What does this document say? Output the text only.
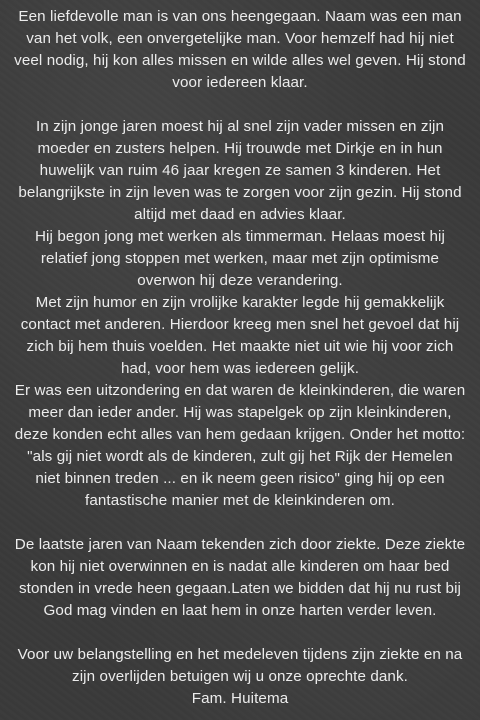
Een liefdevolle man is van ons heengegaan. Naam was een man van het volk, een onvergetelijke man. Voor hemzelf had hij niet veel nodig, hij kon alles missen en wilde alles wel geven. Hij stond voor iedereen klaar.

In zijn jonge jaren moest hij al snel zijn vader missen en zijn moeder en zusters helpen. Hij trouwde met Dirkje en in hun huwelijk van ruim 46 jaar kregen ze samen 3 kinderen. Het belangrijkste in zijn leven was te zorgen voor zijn gezin. Hij stond altijd met daad en advies klaar.

Hij begon jong met werken als timmerman. Helaas moest hij relatief jong stoppen met werken, maar met zijn optimisme overwon hij deze verandering.

Met zijn humor en zijn vrolijke karakter legde hij gemakkelijk contact met anderen. Hierdoor kreeg men snel het gevoel dat hij zich bij hem thuis voelden. Het maakte niet uit wie hij voor zich had, voor hem was iedereen gelijk.

Er was een uitzondering en dat waren de kleinkinderen, die waren meer dan ieder ander. Hij was stapelgek op zijn kleinkinderen, deze konden echt alles van hem gedaan krijgen. Onder het motto: "als gij niet wordt als de kinderen, zult gij het Rijk der Hemelen niet binnen treden ... en ik neem geen risico" ging hij op een fantastische manier met de kleinkinderen om.

De laatste jaren van Naam tekenden zich door ziekte. Deze ziekte kon hij niet overwinnen en is nadat alle kinderen om haar bed stonden in vrede heen gegaan.Laten we bidden dat hij nu rust bij God mag vinden en laat hem in onze harten verder leven.

Voor uw belangstelling en het medeleven tijdens zijn ziekte en na zijn overlijden betuigen wij u onze oprechte dank.

Fam. Huitema
